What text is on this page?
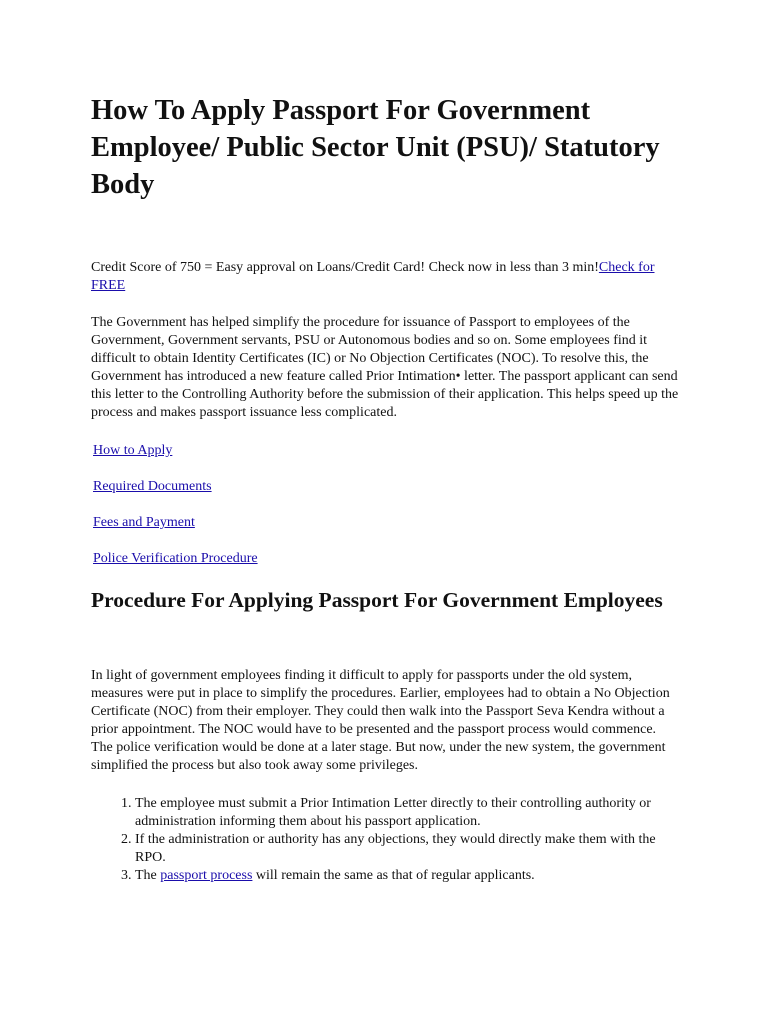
How To Apply Passport For Government Employee/ Public Sector Unit (PSU)/ Statutory Body

Credit Score of 750 = Easy approval on Loans/Credit Card! Check now in less than 3 min!Check for FREE

The Government has helped simplify the procedure for issuance of Passport to employees of the Government, Government servants, PSU or Autonomous bodies and so on. Some employees find it difficult to obtain Identity Certificates (IC) or No Objection Certificates (NOC). To resolve this, the Government has introduced a new feature called Prior Intimation• letter. The passport applicant can send this letter to the Controlling Authority before the submission of their application. This helps speed up the process and makes passport issuance less complicated.

How to Apply

Required Documents

Fees and Payment

Police Verification Procedure

Procedure For Applying Passport For Government Employees

In light of government employees finding it difficult to apply for passports under the old system, measures were put in place to simplify the procedures. Earlier, employees had to obtain a No Objection Certificate (NOC) from their employer. They could then walk into the Passport Seva Kendra without a prior appointment. The NOC would have to be presented and the passport process would commence. The police verification would be done at a later stage. But now, under the new system, the government simplified the process but also took away some privileges.

1. The employee must submit a Prior Intimation Letter directly to their controlling authority or administration informing them about his passport application.
2. If the administration or authority has any objections, they would directly make them with the RPO.
3. The passport process will remain the same as that of regular applicants.
